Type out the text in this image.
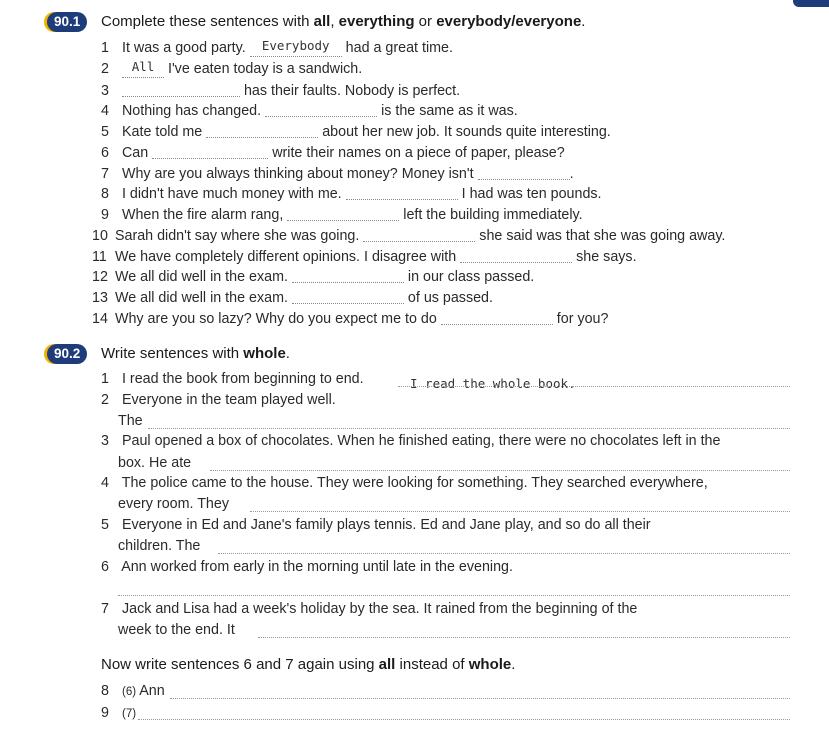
90.1	Complete these sentences with all, everything or everybody/everyone.
1 It was a good party. Everybody had a great time.
2 All I've eaten today is a sandwich.
3	has their faults. Nobody is perfect.
4 Nothing has changed.	is the same as it was.
5 Kate told me	about her new job. It sounds quite interesting.
6 Can	write their names on a piece of paper, please?
7 Why are you always thinking about money? Money isn't	.
8 I didn't have much money with me.	I had was ten pounds.
9 When the fire alarm rang,	left the building immediately.
10 Sarah didn't say where she was going.	she said was that she was going away.
11 We have completely different opinions. I disagree with	she says.
12 We all did well in the exam.	in our class passed.
13 We all did well in the exam.	of us passed.
14 Why are you so lazy? Why do you expect me to do	for you?
90.2	Write sentences with whole.
1 I read the book from beginning to end.	I read the whole book.
2 Everyone in the team played well.
The
3 Paul opened a box of chocolates. When he finished eating, there were no chocolates left in the
box. He ate
4 The police came to the house. They were looking for something. They searched everywhere,
every room. They
5 Everyone in Ed and Jane's family plays tennis. Ed and Jane play, and so do all their
children. The
6 Ann worked from early in the morning until late in the evening.
7 Jack and Lisa had a week's holiday by the sea. It rained from the beginning of the
week to the end. It
Now write sentences 6 and 7 again using all instead of whole.
8 (6) Ann
9 (7)
